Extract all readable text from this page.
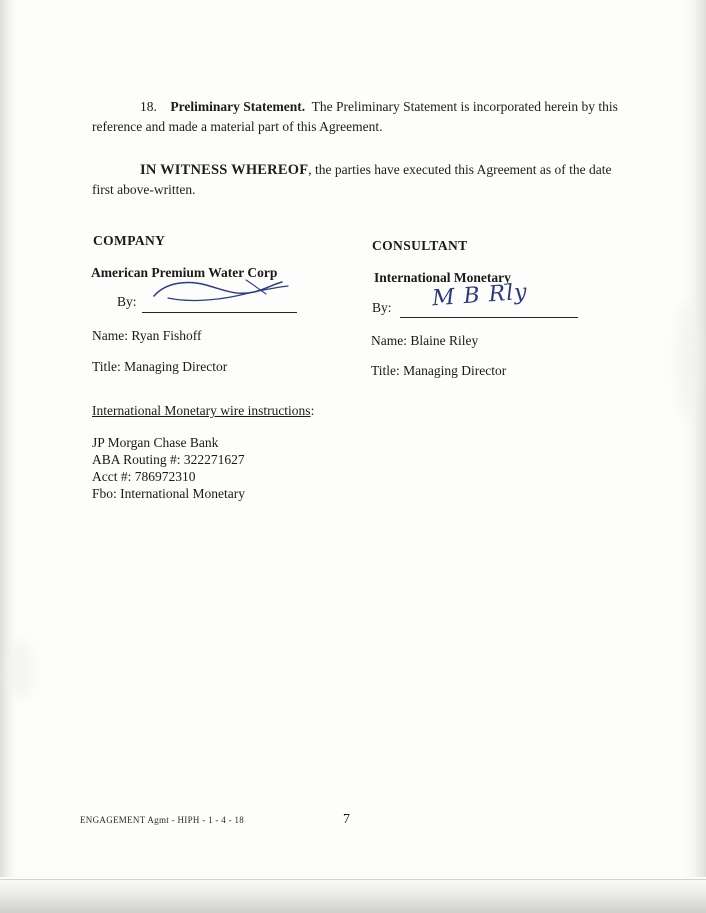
18. Preliminary Statement. The Preliminary Statement is incorporated herein by this reference and made a material part of this Agreement.
IN WITNESS WHEREOF, the parties have executed this Agreement as of the date first above-written.
COMPANY
American Premium Water Corp
By:
Name: Ryan Fishoff
Title: Managing Director
CONSULTANT
International Monetary
By: M B Rly
Name: Blaine Riley
Title: Managing Director
International Monetary wire instructions:
JP Morgan Chase Bank
ABA Routing #: 322271627
Acct #: 786972310
Fbo: International Monetary
ENGAGEMENT Agmt - HIPH - 1 - 4 - 18	7
